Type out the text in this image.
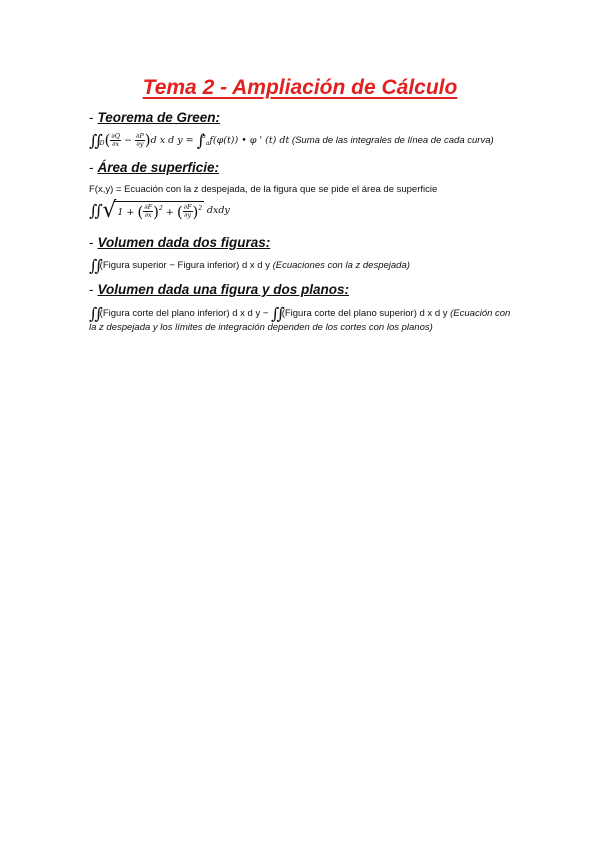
Tema 2 - Ampliación de Cálculo
- Teorema de Green:
$\int\int_D( \frac{\partial Q}{\partial x} - \frac{\partial P}{\partial y} )d$ x d y = ∫$^b_a$f(φ(t)) • φ ' (t) dt (Suma de las integrales de línea de cada curva)
- Área de superficie:
F(x,y) = Ecuación con la z despejada, de la figura que se pide el área de superficie
∫∫ √1 + ( $\frac{\partial F}{\partial x} )^2$ + ( $\frac{\partial F}{\partial y} )^2$ dxdy
- Volumen dada dos figuras:
∫∫(Figura superior − Figura inferior) d x d y (Ecuaciones con la z despejada)
- Volumen dada una figura y dos planos:
∫∫(Figura corte del plano inferior) d x d y − ∫∫(Figura corte del plano superior) d x d y (Ecuación con
la z despejada y los límites de integración dependen de los cortes con los planos)
